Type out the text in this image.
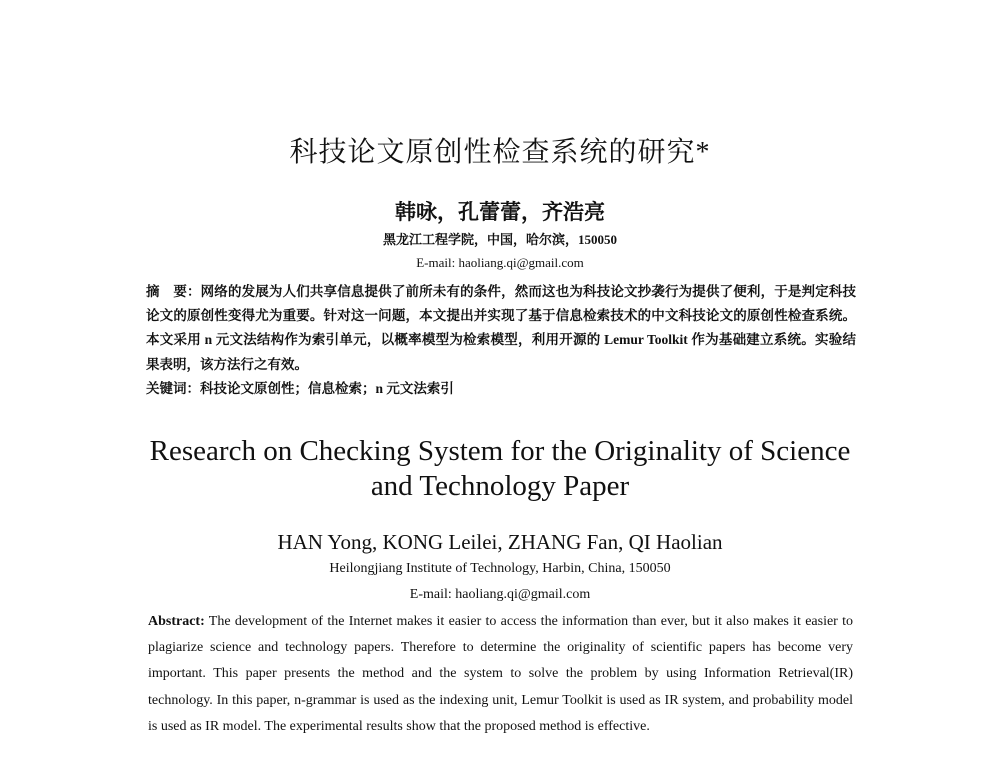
科技论文原创性检查系统的研究*
韩咏，孔蕾蕾，齐浩亮
黑龙江工程学院，中国，哈尔滨，150050
E-mail: haoliang.qi@gmail.com
摘　要：网络的发展为人们共享信息提供了前所未有的条件，然而这也为科技论文抄袭行为提供了便利，于是判定科技论文的原创性变得尤为重要。针对这一问题，本文提出并实现了基于信息检索技术的中文科技论文的原创性检查系统。本文采用 n 元文法结构作为索引单元，以概率模型为检索模型，利用开源的 Lemur Toolkit 作为基础建立系统。实验结果表明，该方法行之有效。
关键词：科技论文原创性；信息检索；n 元文法索引
Research on Checking System for the Originality of Science
and Technology Paper
HAN Yong, KONG Leilei, ZHANG Fan, QI Haolian
Heilongjiang Institute of Technology, Harbin, China, 150050
E-mail: haoliang.qi@gmail.com
Abstract: The development of the Internet makes it easier to access the information than ever, but it also makes it easier to plagiarize science and technology papers. Therefore to determine the originality of scientific papers has become very important. This paper presents the method and the system to solve the problem by using Information Retrieval(IR) technology. In this paper, n-grammar is used as the indexing unit, Lemur Toolkit is used as IR system, and probability model is used as IR model. The experimental results show that the proposed method is effective.
